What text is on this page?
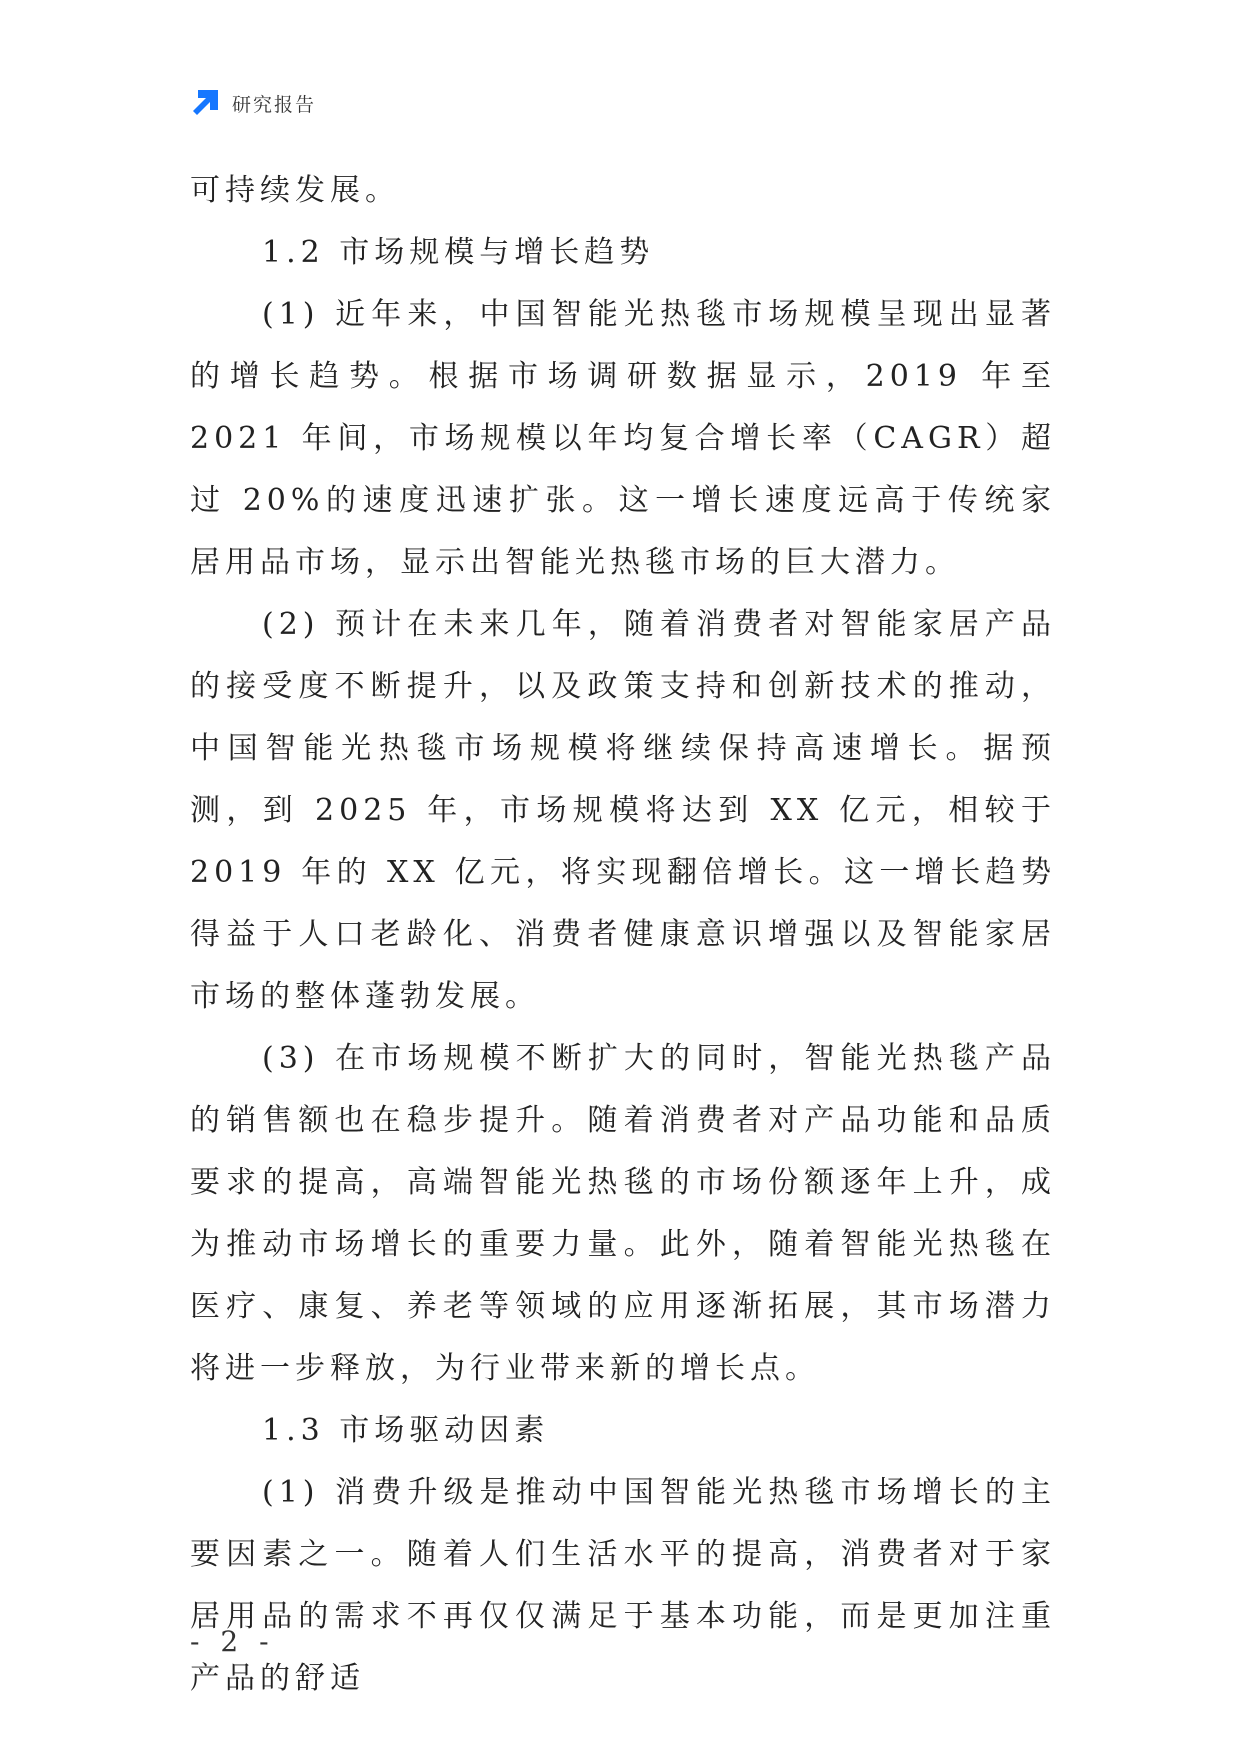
研究报告

可持续发展。

1.2 市场规模与增长趋势

(1) 近年来，中国智能光热毯市场规模呈现出显著的增长趋势。根据市场调研数据显示，2019 年至 2021 年间，市场规模以年均复合增长率（CAGR）超过 20%的速度迅速扩张。这一增长速度远高于传统家居用品市场，显示出智能光热毯市场的巨大潜力。

(2) 预计在未来几年，随着消费者对智能家居产品的接受度不断提升，以及政策支持和创新技术的推动，中国智能光热毯市场规模将继续保持高速增长。据预测，到 2025 年，市场规模将达到 XX 亿元，相较于 2019 年的 XX 亿元，将实现翻倍增长。这一增长趋势得益于人口老龄化、消费者健康意识增强以及智能家居市场的整体蓬勃发展。

(3) 在市场规模不断扩大的同时，智能光热毯产品的销售额也在稳步提升。随着消费者对产品功能和品质要求的提高，高端智能光热毯的市场份额逐年上升，成为推动市场增长的重要力量。此外，随着智能光热毯在医疗、康复、养老等领域的应用逐渐拓展，其市场潜力将进一步释放，为行业带来新的增长点。

1.3 市场驱动因素

(1) 消费升级是推动中国智能光热毯市场增长的主要因素之一。随着人们生活水平的提高，消费者对于家居用品的需求不再仅仅满足于基本功能，而是更加注重产品的舒适

- 2 -
